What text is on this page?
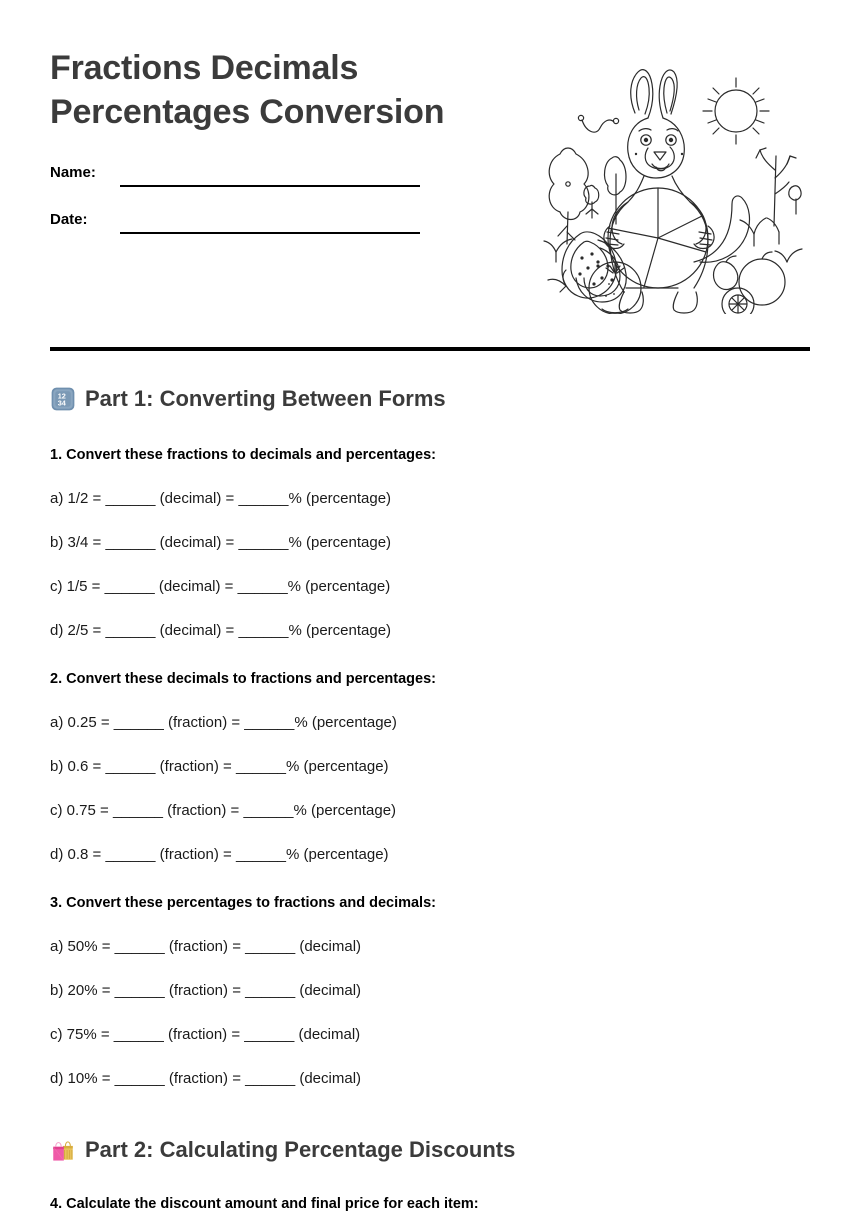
Fractions Decimals
Percentages Conversion
Name:
Date:
12
34 Part 1: Converting Between Forms
1. Convert these fractions to decimals and percentages:
a) 1/2 = ______ (decimal) = ______% (percentage)
b) 3/4 = ______ (decimal) = ______% (percentage)
c) 1/5 = ______ (decimal) = ______% (percentage)
d) 2/5 = ______ (decimal) = ______% (percentage)
2. Convert these decimals to fractions and percentages:
a) 0.25 = ______ (fraction) = ______% (percentage)
b) 0.6 = ______ (fraction) = ______% (percentage)
c) 0.75 = ______ (fraction) = ______% (percentage)
d) 0.8 = ______ (fraction) = ______% (percentage)
3. Convert these percentages to fractions and decimals:
a) 50% = ______ (fraction) = ______ (decimal)
b) 20% = ______ (fraction) = ______ (decimal)
c) 75% = ______ (fraction) = ______ (decimal)
d) 10% = ______ (fraction) = ______ (decimal)
Part 2: Calculating Percentage Discounts
4. Calculate the discount amount and final price for each item:
